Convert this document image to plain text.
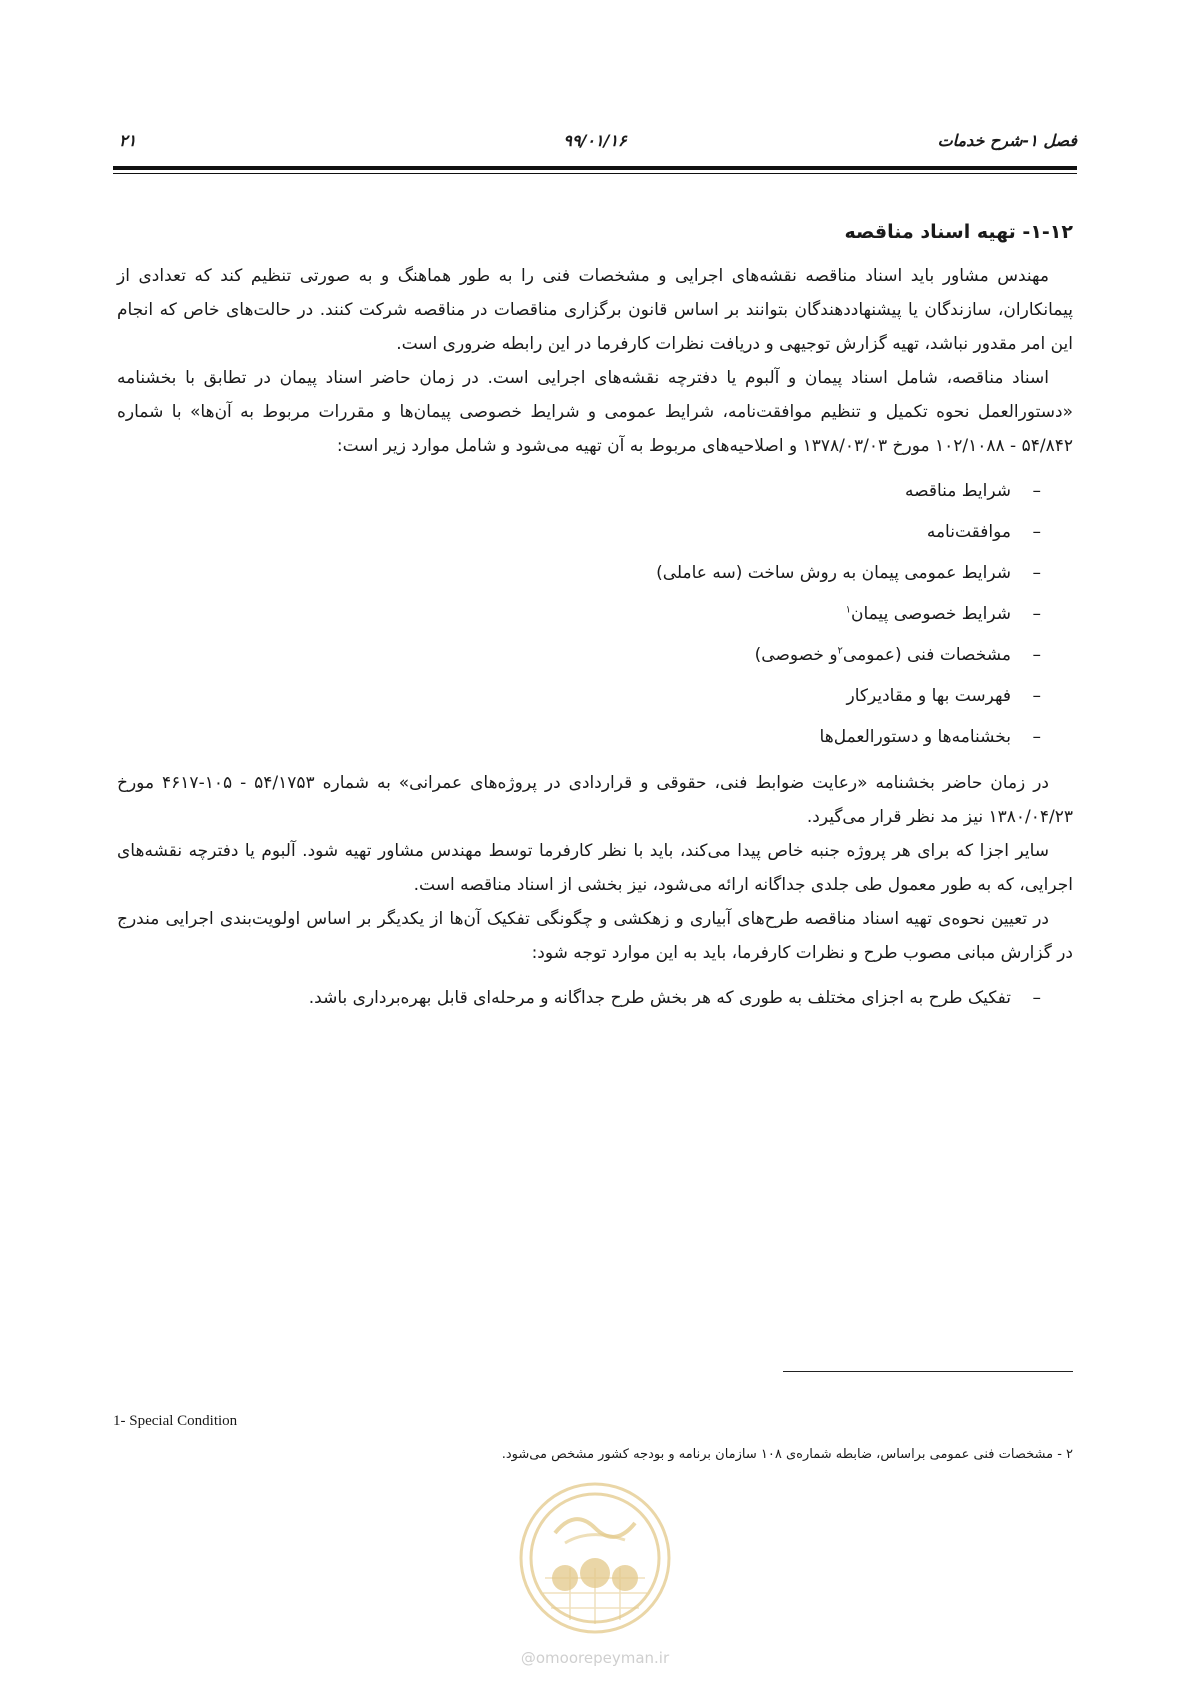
فصل ۱-شرح خدمات
۹۹/۰۱/۱۶
۲۱
۱-۱۲- تهیه اسناد مناقصه

مهندس مشاور باید اسناد مناقصه نقشه‌های اجرایی و مشخصات فنی را به طور هماهنگ و به صورتی تنظیم کند که تعدادی از پیمانکاران، سازندگان یا پیشنهاددهندگان بتوانند بر اساس قانون برگزاری مناقصات در مناقصه شرکت کنند. در حالت‌های خاص که انجام این امر مقدور نباشد، تهیه گزارش توجیهی و دریافت نظرات کارفرما در این رابطه ضروری است.

اسناد مناقصه، شامل اسناد پیمان و آلبوم یا دفترچه نقشه‌های اجرایی است. در زمان حاضر اسناد پیمان در تطابق با بخشنامه «دستورالعمل نحوه تکمیل و تنظیم موافقت‌نامه، شرایط عمومی و شرایط خصوصی پیمان‌ها و مقررات مربوط به آن‌ها» با شماره ۵۴/۸۴۲ - ۱۰۲/۱۰۸۸ مورخ ۱۳۷۸/۰۳/۰۳ و اصلاحیه‌های مربوط به آن تهیه می‌شود و شامل موارد زیر است:

–شرایط مناقصه
–موافقت‌نامه
–شرایط عمومی پیمان به روش ساخت (سه عاملی)
–شرایط خصوصی پیمان$^۱$
–مشخصات فنی (عمومی$^۲$و خصوصی)
–فهرست بها و مقادیرکار
–بخشنامه‌ها و دستورالعمل‌ها

در زمان حاضر بخشنامه «رعایت ضوابط فنی، حقوقی و قراردادی در پروژه‌های عمرانی» به شماره ۵۴/۱۷۵۳ - ۱۰۵-۴۶۱۷ مورخ ۱۳۸۰/۰۴/۲۳ نیز مد نظر قرار می‌گیرد.

سایر اجزا که برای هر پروژه جنبه خاص پیدا می‌کند، باید با نظر کارفرما توسط مهندس مشاور تهیه شود. آلبوم یا دفترچه نقشه‌های اجرایی، که به طور معمول طی جلدی جداگانه ارائه می‌شود، نیز بخشی از اسناد مناقصه است.

در تعیین نحوه‌ی تهیه اسناد مناقصه طرح‌های آبیاری و زهکشی و چگونگی تفکیک آن‌ها از یکدیگر بر اساس اولویت‌بندی اجرایی مندرج در گزارش مبانی مصوب طرح و نظرات کارفرما، باید به این موارد توجه شود:

–تفکیک طرح به اجزای مختلف به طوری که هر بخش طرح جداگانه و مرحله‌ای قابل بهره‌برداری باشد.
1- Special Condition
۲ - مشخصات فنی عمومی براساس، ضابطه شماره‌ی ۱۰۸ سازمان برنامه و بودجه کشور مشخص می‌شود.
@omoorepeyman.ir
